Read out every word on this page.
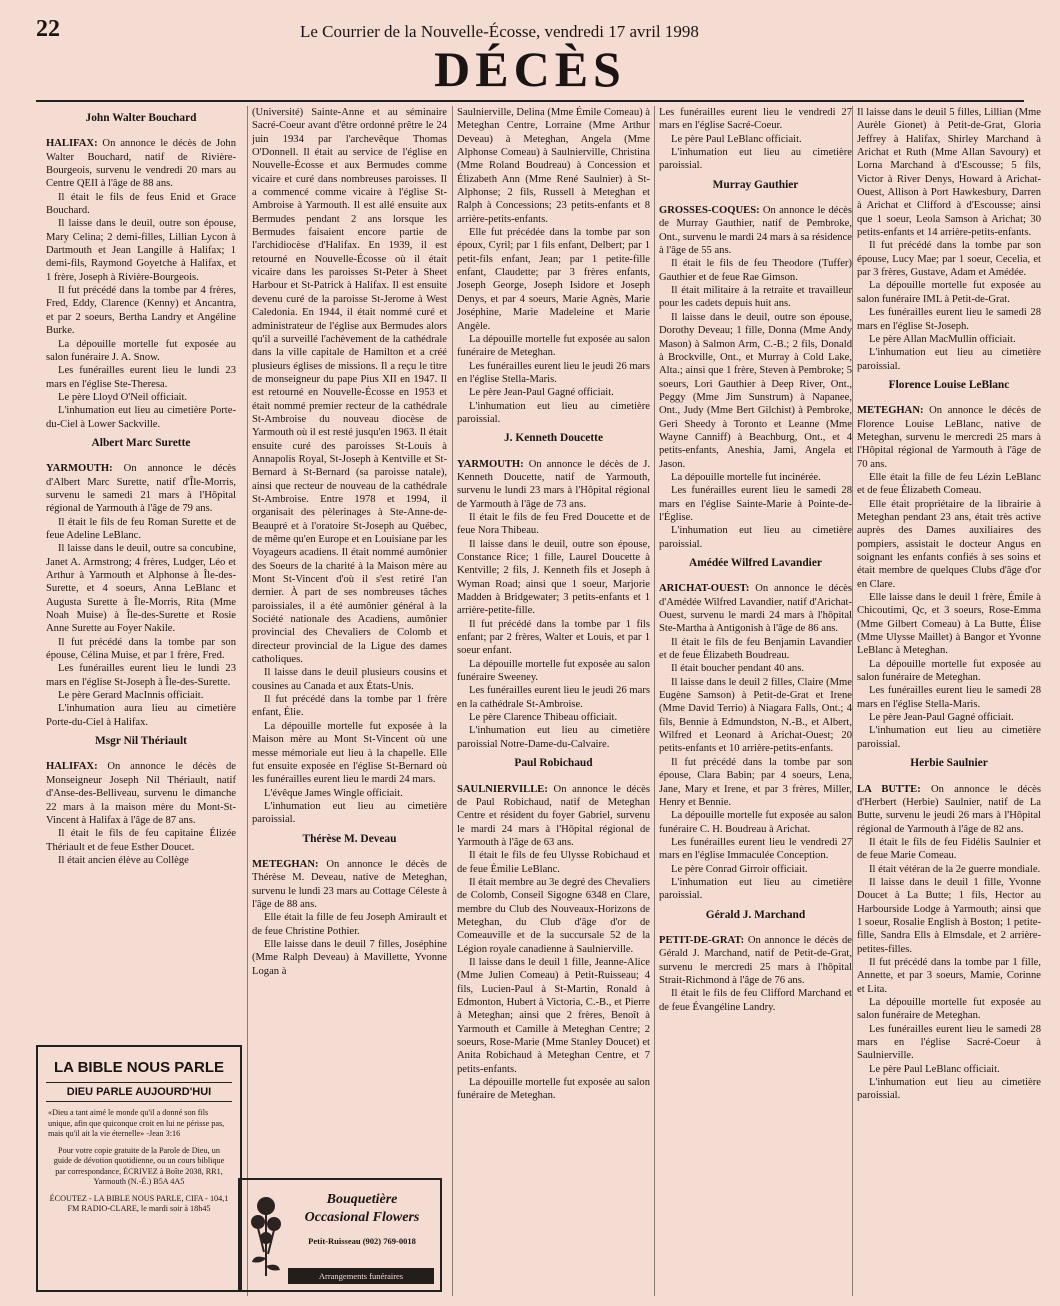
22	Le Courrier de la Nouvelle-Écosse, vendredi 17 avril 1998
DÉCÈS
John Walter Bouchard

HALIFAX: On annonce le décès de John Walter Bouchard, natif de Rivière-Bourgeois, survenu le vendredi 20 mars au Centre QEII à l'âge de 88 ans.

Il était le fils de feus Enid et Grace Bouchard.

Il laisse dans le deuil, outre son épouse, Mary Celina; 2 demi-filles, Lillian Lycon à Dartmouth et Jean Langille à Halifax; 1 demi-fils, Raymond Goyetche à Halifax, et 1 frère, Joseph à Rivière-Bourgeois.

Il fut précédé dans la tombe par 4 frères, Fred, Eddy, Clarence (Kenny) et Ancantra, et par 2 soeurs, Bertha Landry et Angéline Burke.

La dépouille mortelle fut exposée au salon funéraire J. A. Snow.

Les funérailles eurent lieu le lundi 23 mars en l'église Ste-Theresa.

Le père Lloyd O'Neil officiait.

L'inhumation eut lieu au cimetière Porte-du-Ciel à Lower Sackville.

Albert Marc Surette

YARMOUTH: On annonce le décès d'Albert Marc Surette, natif d'Île-Morris, survenu le samedi 21 mars à l'Hôpital régional de Yarmouth à l'âge de 79 ans.

Il était le fils de feu Roman Surette et de feue Adeline LeBlanc.

Il laisse dans le deuil, outre sa concubine, Janet A. Armstrong; 4 frères, Ludger, Léo et Arthur à Yarmouth et Alphonse à Île-des-Surette, et 4 soeurs, Anna LeBlanc et Augusta Surette à Île-Morris, Rita (Mme Noah Muise) à Île-des-Surette et Rosie Anne Surette au Foyer Nakile.

Il fut précédé dans la tombe par son épouse, Célina Muise, et par 1 frère, Fred.

Les funérailles eurent lieu le lundi 23 mars en l'église St-Joseph à Île-des-Surette.

Le père Gerard MacInnis officiait.

L'inhumation aura lieu au cimetière Porte-du-Ciel à Halifax.

Msgr Nil Thériault

HALIFAX: On annonce le décès de Monseigneur Joseph Nil Thériault, natif d'Anse-des-Belliveau, survenu le dimanche 22 mars à la maison mère du Mont-St-Vincent à Halifax à l'âge de 87 ans.

Il était le fils de feu capitaine Élizée Thériault et de feue Esther Doucet.

Il était ancien élève au Collège

(Université) Sainte-Anne et au séminaire Sacré-Coeur avant d'être ordonné prêtre le 24 juin 1934 par l'archevêque Thomas O'Donnell. Il était au service de l'église en Nouvelle-Écosse et aux Bermudes comme vicaire et curé dans nombreuses paroisses. Il a commencé comme vicaire à l'église St-Ambroise à Yarmouth. Il est allé ensuite aux Bermudes pendant 2 ans lorsque les Bermudes faisaient encore partie de l'archidiocèse d'Halifax. En 1939, il est retourné en Nouvelle-Écosse où il était vicaire dans les paroisses St-Peter à Sheet Harbour et St-Patrick à Halifax. Il est ensuite devenu curé de la paroisse St-Jerome à West Caledonia. En 1944, il était nommé curé et administrateur de l'église aux Bermudes alors qu'il a surveillé l'achèvement de la cathédrale dans la ville capitale de Hamilton et a créé plusieurs églises de missions. Il a reçu le titre de monseigneur du pape Pius XII en 1947. Il est retourné en Nouvelle-Écosse en 1953 et était nommé premier recteur de la cathédrale St-Ambroise du nouveau diocèse de Yarmouth où il est resté jusqu'en 1963. Il était ensuite curé des paroisses St-Louis à Annapolis Royal, St-Joseph à Kentville et St-Bernard à St-Bernard (sa paroisse natale), ainsi que recteur de nouveau de la cathédrale St-Ambroise. Entre 1978 et 1994, il organisait des pèlerinages à Ste-Anne-de-Beaupré et à l'oratoire St-Joseph au Québec, de même qu'en Europe et en Louisiane par les Voyageurs acadiens. Il était nommé aumônier des Soeurs de la charité à la Maison mère au Mont St-Vincent d'où il s'est retiré l'an dernier. À part de ses nombreuses tâches paroissiales, il a été aumônier général à la Société nationale des Acadiens, aumônier provincial des Chevaliers de Colomb et directeur provincial de la Ligue des dames catholiques.

Il laisse dans le deuil plusieurs cousins et cousines au Canada et aux États-Unis.

Il fut précédé dans la tombe par 1 frère enfant, Élie.

La dépouille mortelle fut exposée à la Maison mère au Mont St-Vincent où une messe mémoriale eut lieu à la chapelle. Elle fut ensuite exposée en l'église St-Bernard où les funérailles eurent lieu le mardi 24 mars.

L'évêque James Wingle officiait.

L'inhumation eut lieu au cimetière paroissial.

Thérèse M. Deveau

METEGHAN: On annonce le décès de Thérèse M. Deveau, native de Meteghan, survenu le lundi 23 mars au Cottage Céleste à l'âge de 88 ans.

Elle était la fille de feu Joseph Amirault et de feue Christine Pothier.

Elle laisse dans le deuil 7 filles, Joséphine (Mme Ralph Deveau) à Mavillette, Yvonne Logan à

Saulnierville, Delina (Mme Émile Comeau) à Meteghan Centre, Lorraine (Mme Arthur Deveau) à Meteghan, Angela (Mme Alphonse Comeau) à Saulnierville, Christina (Mme Roland Boudreau) à Concession et Élizabeth Ann (Mme René Saulnier) à St-Alphonse; 2 fils, Russell à Meteghan et Ralph à Concessions; 23 petits-enfants et 8 arrière-petits-enfants.

Elle fut précédée dans la tombe par son époux, Cyril; par 1 fils enfant, Delbert; par 1 petit-fils enfant, Jean; par 1 petite-fille enfant, Claudette; par 3 frères enfants, Joseph George, Joseph Isidore et Joseph Denys, et par 4 soeurs, Marie Agnès, Marie Joséphine, Marie Madeleine et Marie Angèle.

La dépouille mortelle fut exposée au salon funéraire de Meteghan.

Les funérailles eurent lieu le jeudi 26 mars en l'église Stella-Maris.

Le père Jean-Paul Gagné officiait.

L'inhumation eut lieu au cimetière paroissial.

J. Kenneth Doucette

YARMOUTH: On annonce le décès de J. Kenneth Doucette, natif de Yarmouth, survenu le lundi 23 mars à l'Hôpital régional de Yarmouth à l'âge de 73 ans.

Il était le fils de feu Fred Doucette et de feue Nora Thibeau.

Il laisse dans le deuil, outre son épouse, Constance Rice; 1 fille, Laurel Doucette à Kentville; 2 fils, J. Kenneth fils et Joseph à Wyman Road; ainsi que 1 soeur, Marjorie Madden à Bridgewater; 3 petits-enfants et 1 arrière-petite-fille.

Il fut précédé dans la tombe par 1 fils enfant; par 2 frères, Walter et Louis, et par 1 soeur enfant.

La dépouille mortelle fut exposée au salon funéraire Sweeney.

Les funérailles eurent lieu le jeudi 26 mars en la cathédrale St-Ambroise.

Le père Clarence Thibeau officiait.

L'inhumation eut lieu au cimetière paroissial Notre-Dame-du-Calvaire.

Paul Robichaud

SAULNIERVILLE: On annonce le décès de Paul Robichaud, natif de Meteghan Centre et résident du foyer Gabriel, survenu le mardi 24 mars à l'Hôpital régional de Yarmouth à l'âge de 63 ans.

Il était le fils de feu Ulysse Robichaud et de feue Émilie LeBlanc.

Il était membre au 3e degré des Chevaliers de Colomb, Conseil Sigogne 6348 en Clare, membre du Club des Nouveaux-Horizons de Meteghan, du Club d'âge d'or de Comeauville et de la succursale 52 de la Légion royale canadienne à Saulnierville.

Il laisse dans le deuil 1 fille, Jeanne-Alice (Mme Julien Comeau) à Petit-Ruisseau; 4 fils, Lucien-Paul à St-Martin, Ronald à Edmonton, Hubert à Victoria, C.-B., et Pierre à Meteghan; ainsi que 2 frères, Benoît à Yarmouth et Camille à Meteghan Centre; 2 soeurs, Rose-Marie (Mme Stanley Doucet) et Anita Robichaud à Meteghan Centre, et 7 petits-enfants.

La dépouille mortelle fut exposée au salon funéraire de Meteghan.

Les funérailles eurent lieu le vendredi 27 mars en l'église Sacré-Coeur.

Le père Paul LeBlanc officiait.

L'inhumation eut lieu au cimetière paroissial.

Murray Gauthier

GROSSES-COQUES: On annonce le décès de Murray Gauthier, natif de Pembroke, Ont., survenu le mardi 24 mars à sa résidence à l'âge de 55 ans.

Il était le fils de feu Theodore (Tuffer) Gauthier et de feue Rae Gimson.

Il était militaire à la retraite et travailleur pour les cadets depuis huit ans.

Il laisse dans le deuil, outre son épouse, Dorothy Deveau; 1 fille, Donna (Mme Andy Mason) à Salmon Arm, C.-B.; 2 fils, Donald à Brockville, Ont., et Murray à Cold Lake, Alta.; ainsi que 1 frère, Steven à Pembroke; 5 soeurs, Lori Gauthier à Deep River, Ont., Peggy (Mme Jim Sunstrum) à Napanee, Ont., Judy (Mme Bert Gilchist) à Pembroke, Geri Sheedy à Toronto et Leanne (Mme Wayne Canniff) à Beachburg, Ont., et 4 petits-enfants, Aneshia, Jami, Angela et Jason.

La dépouille mortelle fut incinérée.

Les funérailles eurent lieu le samedi 28 mars en l'église Sainte-Marie à Pointe-de-l'Église.

L'inhumation eut lieu au cimetière paroissial.

Amédée Wilfred Lavandier

ARICHAT-OUEST: On annonce le décès d'Amédée Wilfred Lavandier, natif d'Arichat-Ouest, survenu le mardi 24 mars à l'hôpital Ste-Martha à Antigonish à l'âge de 86 ans.

Il était le fils de feu Benjamin Lavandier et de feue Élizabeth Boudreau.

Il était boucher pendant 40 ans.

Il laisse dans le deuil 2 filles, Claire (Mme Eugène Samson) à Petit-de-Grat et Irene (Mme David Terrio) à Niagara Falls, Ont.; 4 fils, Bennie à Edmundston, N.-B., et Albert, Wilfred et Leonard à Arichat-Ouest; 20 petits-enfants et 10 arrière-petits-enfants.

Il fut précédé dans la tombe par son épouse, Clara Babin; par 4 soeurs, Lena, Jane, Mary et Irene, et par 3 frères, Miller, Henry et Bennie.

La dépouille mortelle fut exposée au salon funéraire C. H. Boudreau à Arichat.

Les funérailles eurent lieu le vendredi 27 mars en l'église Immaculée Conception.

Le père Conrad Girroir officiait.

L'inhumation eut lieu au cimetière paroissial.

Gérald J. Marchand

PETIT-DE-GRAT: On annonce le décès de Gérald J. Marchand, natif de Petit-de-Grat, survenu le mercredi 25 mars à l'hôpital Strait-Richmond à l'âge de 76 ans.

Il était le fils de feu Clifford Marchand et de feue Évangéline Landry.

Il laisse dans le deuil 5 filles, Lillian (Mme Aurèle Gionet) à Petit-de-Grat, Gloria Jeffrey à Halifax, Shirley Marchand à Arichat et Ruth (Mme Allan Savoury) et Lorna Marchand à d'Escousse; 5 fils, Victor à River Denys, Howard à Arichat-Ouest, Allison à Port Hawkesbury, Darren à Arichat et Clifford à d'Escousse; ainsi que 1 soeur, Leola Samson à Arichat; 30 petits-enfants et 14 arrière-petits-enfants.

Il fut précédé dans la tombe par son épouse, Lucy Mae; par 1 soeur, Cecelia, et par 3 frères, Gustave, Adam et Amédée.

La dépouille mortelle fut exposée au salon funéraire IML à Petit-de-Grat.

Les funérailles eurent lieu le samedi 28 mars en l'église St-Joseph.

Le père Allan MacMullin officiait.

L'inhumation eut lieu au cimetière paroissial.

Florence Louise LeBlanc

METEGHAN: On annonce le décès de Florence Louise LeBlanc, native de Meteghan, survenu le mercredi 25 mars à l'Hôpital régional de Yarmouth à l'âge de 70 ans.

Elle était la fille de feu Lézin LeBlanc et de feue Élizabeth Comeau.

Elle était propriétaire de la librairie à Meteghan pendant 23 ans, était très active auprès des Dames auxiliaires des pompiers, assistait le docteur Angus en soignant les enfants confiés à ses soins et était membre de quelques Clubs d'âge d'or en Clare.

Elle laisse dans le deuil 1 frère, Émile à Chicoutimi, Qc, et 3 soeurs, Rose-Emma (Mme Gilbert Comeau) à La Butte, Élise (Mme Ulysse Maillet) à Bangor et Yvonne LeBlanc à Meteghan.

La dépouille mortelle fut exposée au salon funéraire de Meteghan.

Les funérailles eurent lieu le samedi 28 mars en l'église Stella-Maris.

Le père Jean-Paul Gagné officiait.

L'inhumation eut lieu au cimetière paroissial.

Herbie Saulnier

LA BUTTE: On annonce le décès d'Herbert (Herbie) Saulnier, natif de La Butte, survenu le jeudi 26 mars à l'Hôpital régional de Yarmouth à l'âge de 82 ans.

Il était le fils de feu Fidélis Saulnier et de feue Marie Comeau.

Il était vétéran de la 2e guerre mondiale.

Il laisse dans le deuil 1 fille, Yvonne Doucet à La Butte; 1 fils, Hector au Harbourside Lodge à Yarmouth; ainsi que 1 soeur, Rosalie English à Boston; 1 petite-fille, Sandra Ells à Elmsdale, et 2 arrière-petites-filles.

Il fut précédé dans la tombe par 1 fille, Annette, et par 3 soeurs, Mamie, Corinne et Lita.

La dépouille mortelle fut exposée au salon funéraire de Meteghan.

Les funérailles eurent lieu le samedi 28 mars en l'église Sacré-Coeur à Saulnierville.

Le père Paul LeBlanc officiait.

L'inhumation eut lieu au cimetière paroissial.

LA BIBLE NOUS PARLE
DIEU PARLE AUJOURD'HUI
«Dieu a tant aimé le monde qu'il a donné son fils unique, afin que quiconque croit en lui ne périsse pas, mais qu'il ait la vie éternelle» -Jean 3:16
Pour votre copie gratuite de la Parole de Dieu, un guide de dévotion quotidienne, ou un cours biblique par correspondance, ÉCRIVEZ à Boîte 2038, RR1, Yarmouth (N.-É.) B5A 4A5
ÉCOUTEZ - LA BIBLE NOUS PARLE, CIFA - 104,1 FM RADIO-CLARE, le mardi soir à 18h45
Bouquetière
Occasional Flowers
Petit-Ruisseau (902) 769-0018
Arrangements funéraires
